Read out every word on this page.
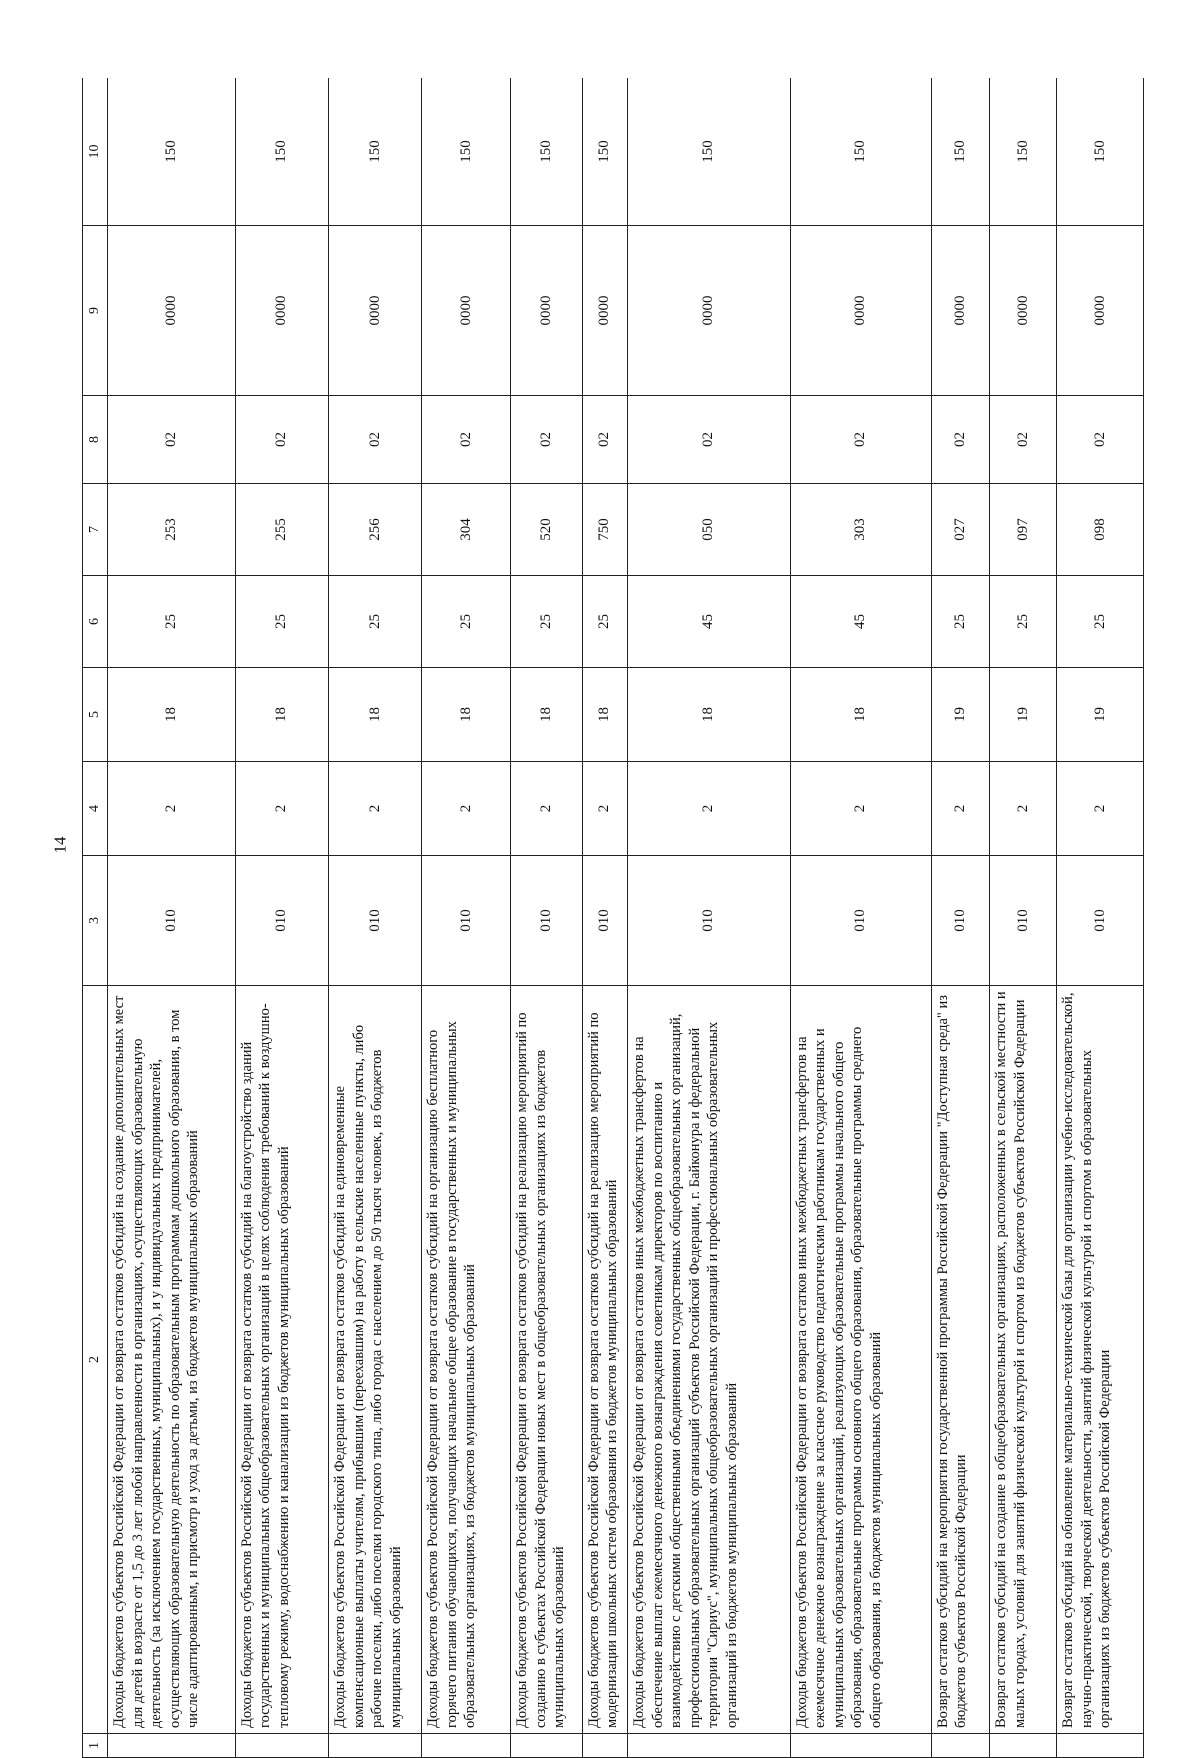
14
1	2	3	4	5	6	7	8	9	10
	Доходы бюджетов субъектов Российской Федерации от возврата остатков субсидий на создание дополнительных мест для детей в возрасте от 1,5 до 3 лет любой направленности в организациях, осуществляющих образовательную деятельность (за исключением государственных, муниципальных), и у индивидуальных предпринимателей, осуществляющих образовательную деятельность по образовательным программам дошкольного образования, в том числе адаптированным, и присмотр и уход за детьми, из бюджетов муниципальных образований	010	2	18	25	253	02	0000	150
	Доходы бюджетов субъектов Российской Федерации от возврата остатков субсидий на благоустройство зданий государственных и муниципальных общеобразовательных организаций в целях соблюдения требований к воздушно-тепловому режиму, водоснабжению и канализации из бюджетов муниципальных образований	010	2	18	25	255	02	0000	150
	Доходы бюджетов субъектов Российской Федерации от возврата остатков субсидий на единовременные компенсационные выплаты учителям, прибывшим (переехавшим) на работу в сельские населенные пункты, либо рабочие поселки, либо поселки городского типа, либо города с населением до 50 тысяч человек, из бюджетов муниципальных образований	010	2	18	25	256	02	0000	150
	Доходы бюджетов субъектов Российской Федерации от возврата остатков субсидий на организацию бесплатного горячего питания обучающихся, получающих начальное общее образование в государственных и муниципальных образовательных организациях, из бюджетов муниципальных образований	010	2	18	25	304	02	0000	150
	Доходы бюджетов субъектов Российской Федерации от возврата остатков субсидий на реализацию мероприятий по созданию в субъектах Российской Федерации новых мест в общеобразовательных организациях из бюджетов муниципальных образований	010	2	18	25	520	02	0000	150
	Доходы бюджетов субъектов Российской Федерации от возврата остатков субсидий на реализацию мероприятий по модернизации школьных систем образования из бюджетов муниципальных образований	010	2	18	25	750	02	0000	150
	Доходы бюджетов субъектов Российской Федерации от возврата остатков иных межбюджетных трансфертов на обеспечение выплат ежемесячного денежного вознаграждения советникам директоров по воспитанию и взаимодействию с детскими общественными объединениями государственных общеобразовательных организаций, профессиональных образовательных организаций субъектов Российской Федерации, г. Байконура и федеральной территории "Сириус", муниципальных общеобразовательных организаций и профессиональных образовательных организаций из бюджетов муниципальных образований	010	2	18	45	050	02	0000	150
	Доходы бюджетов субъектов Российской Федерации от возврата остатков иных межбюджетных трансфертов на ежемесячное денежное вознаграждение за классное руководство педагогическим работникам государственных и муниципальных образовательных организаций, реализующих образовательные программы начального общего образования, образовательные программы основного общего образования, образовательные программы среднего общего образования, из бюджетов муниципальных образований	010	2	18	45	303	02	0000	150
	Возврат остатков субсидий на мероприятия государственной программы Российской Федерации "Доступная среда" из бюджетов субъектов Российской Федерации	010	2	19	25	027	02	0000	150
	Возврат остатков субсидий на создание в общеобразовательных организациях, расположенных в сельской местности и малых городах, условий для занятий физической культурой и спортом из бюджетов субъектов Российской Федерации	010	2	19	25	097	02	0000	150
	Возврат остатков субсидий на обновление материально-технической базы для организации учебно-исследовательской, научно-практической, творческой деятельности, занятий физической культурой и спортом в образовательных организациях из бюджетов субъектов Российской Федерации	010	2	19	25	098	02	0000	150
